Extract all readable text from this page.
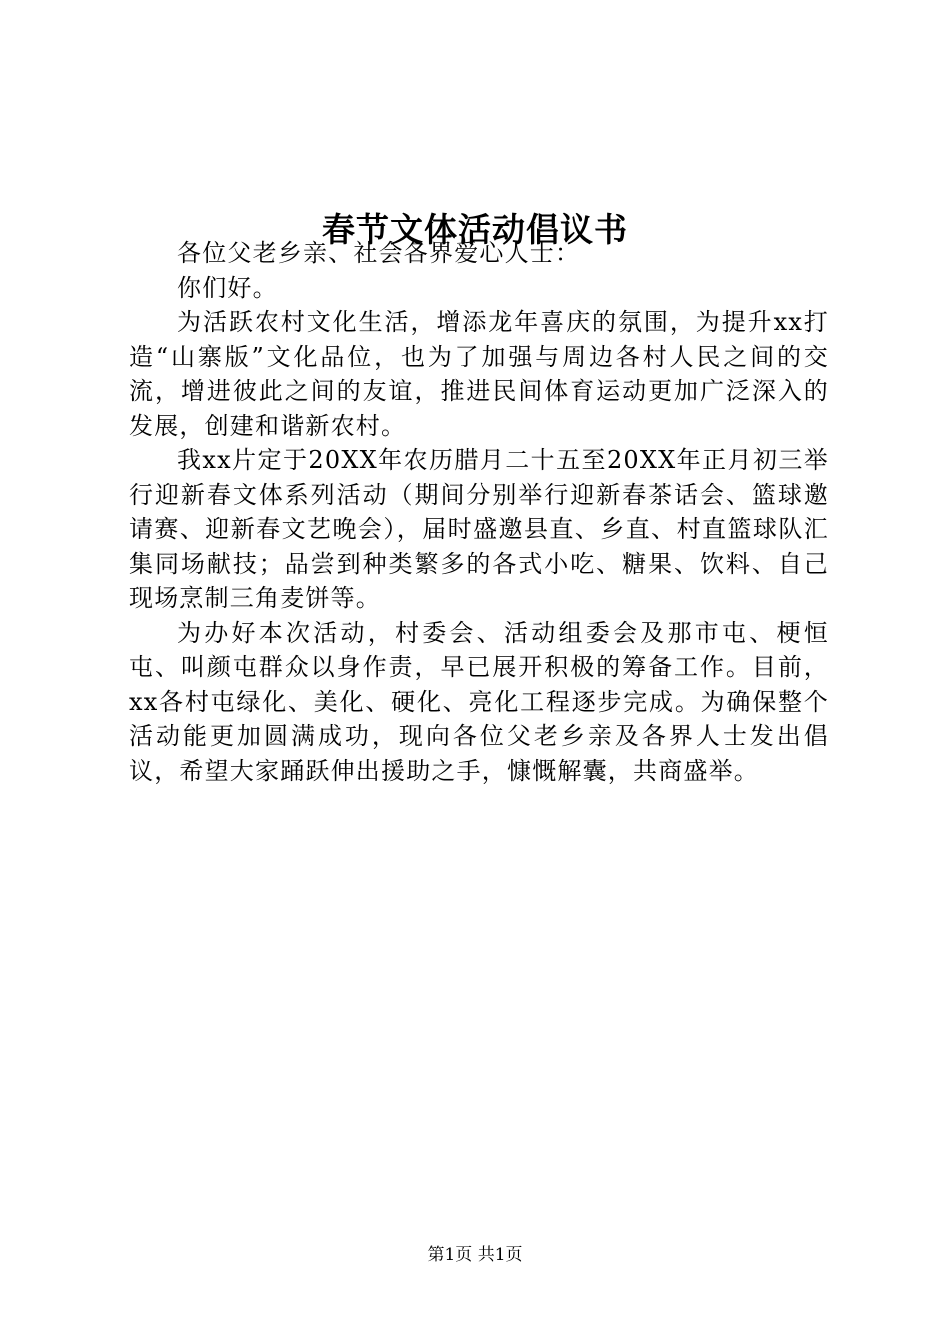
春节文体活动倡议书

各位父老乡亲、社会各界爱心人士：

你们好。

为活跃农村文化生活，增添龙年喜庆的氛围，为提升xx打造“山寨版”文化品位，也为了加强与周边各村人民之间的交流，增进彼此之间的友谊，推进民间体育运动更加广泛深入的发展，创建和谐新农村。

我xx片定于20XX年农历腊月二十五至20XX年正月初三举行迎新春文体系列活动（期间分别举行迎新春茶话会、篮球邀请赛、迎新春文艺晚会），届时盛邀县直、乡直、村直篮球队汇集同场献技；品尝到种类繁多的各式小吃、糖果、饮料、自己现场烹制三角麦饼等。

为办好本次活动，村委会、活动组委会及那市屯、梗恒屯、叫颜屯群众以身作责，早已展开积极的筹备工作。目前，xx各村屯绿化、美化、硬化、亮化工程逐步完成。为确保整个活动能更加圆满成功，现向各位父老乡亲及各界人士发出倡议，希望大家踊跃伸出援助之手，慷慨解囊，共商盛举。

第1页 共1页
